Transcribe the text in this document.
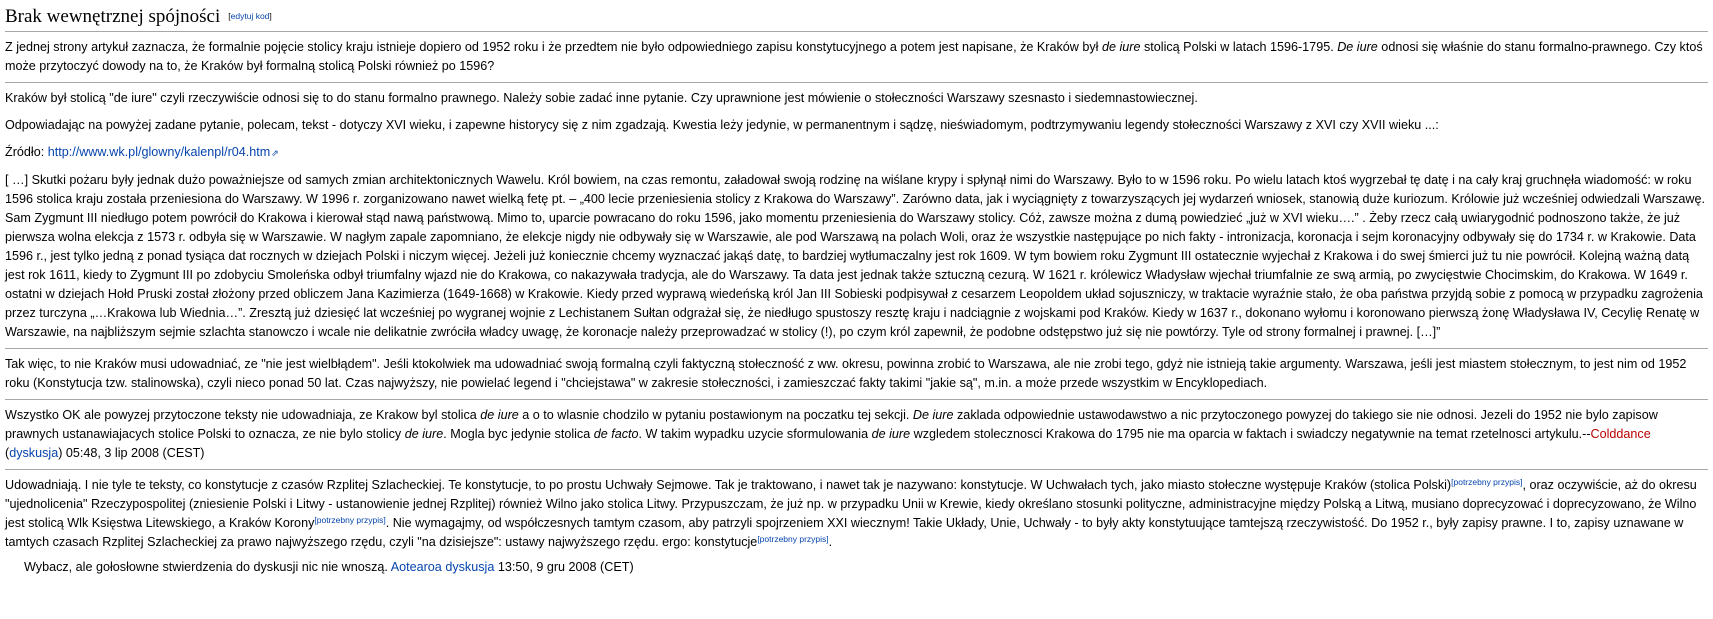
Brak wewnętrznej spójności [edytuj kod]

Z jednej strony artykuł zaznacza, że formalnie pojęcie stolicy kraju istnieje dopiero od 1952 roku i że przedtem nie było odpowiedniego zapisu konstytucyjnego a potem jest napisane, że Kraków był de iure stolicą Polski w latach 1596-1795. De iure odnosi się właśnie do stanu formalno-prawnego. Czy ktoś może przytoczyć dowody na to, że Kraków był formalną stolicą Polski również po 1596?

Kraków był stolicą "de iure" czyli rzeczywiście odnosi się to do stanu formalno prawnego. Należy sobie zadać inne pytanie. Czy uprawnione jest mówienie o stołeczności Warszawy szesnasto i siedemnastowiecznej.

Odpowiadając na powyżej zadane pytanie, polecam, tekst - dotyczy XVI wieku, i zapewne historycy się z nim zgadzają. Kwestia leży jedynie, w permanentnym i sądzę, nieświadomym, podtrzymywaniu legendy stołeczności Warszawy z XVI czy XVII wieku ...:

Źródło: http://www.wk.pl/glowny/kalenpl/r04.htm ⇗

[ …] Skutki pożaru były jednak dużo poważniejsze od samych zmian architektonicznych Wawelu. Król bowiem, na czas remontu, załadował swoją rodzinę na wiślane krypy i spłynął nimi do Warszawy. Było to w 1596 roku. Po wielu latach ktoś wygrzebał tę datę i na cały kraj gruchnęła wiadomość: w roku 1596 stolica kraju została przeniesiona do Warszawy. W 1996 r. zorganizowano nawet wielką fetę pt. – „400 lecie przeniesienia stolicy z Krakowa do Warszawy”. Zarówno data, jak i wyciągnięty z towarzyszących jej wydarzeń wniosek, stanowią duże kuriozum. Królowie już wcześniej odwiedzali Warszawę. Sam Zygmunt III niedługo potem powrócił do Krakowa i kierował stąd nawą państwową. Mimo to, uparcie powracano do roku 1596, jako momentu przeniesienia do Warszawy stolicy. Cóż, zawsze można z dumą powiedzieć „już w XVI wieku….” . Żeby rzecz całą uwiarygodnić podnoszono także, że już pierwsza wolna elekcja z 1573 r. odbyła się w Warszawie. W nagłym zapale zapomniano, że elekcje nigdy nie odbywały się w Warszawie, ale pod Warszawą na polach Woli, oraz że wszystkie następujące po nich fakty - intronizacja, koronacja i sejm koronacyjny odbywały się do 1734 r. w Krakowie. Data 1596 r., jest tylko jedną z ponad tysiąca dat rocznych w dziejach Polski i niczym więcej. Jeżeli już koniecznie chcemy wyznaczać jakąś datę, to bardziej wytłumaczalny jest rok 1609. W tym bowiem roku Zygmunt III ostatecznie wyjechał z Krakowa i do swej śmierci już tu nie powrócił. Kolejną ważną datą jest rok 1611, kiedy to Zygmunt III po zdobyciu Smoleńska odbył triumfalny wjazd nie do Krakowa, co nakazywała tradycja, ale do Warszawy. Ta data jest jednak także sztuczną cezurą. W 1621 r. królewicz Władysław wjechał triumfalnie ze swą armią, po zwycięstwie Chocimskim, do Krakowa. W 1649 r. ostatni w dziejach Hołd Pruski został złożony przed obliczem Jana Kazimierza (1649-1668) w Krakowie. Kiedy przed wyprawą wiedeńską król Jan III Sobieski podpisywał z cesarzem Leopoldem układ sojuszniczy, w traktacie wyraźnie stało, że oba państwa przyjdą sobie z pomocą w przypadku zagrożenia przez turczyna „…Krakowa lub Wiednia…”. Zresztą już dziesięć lat wcześniej po wygranej wojnie z Lechistanem Sułtan odgrażał się, że niedługo spustoszy resztę kraju i nadciągnie z wojskami pod Kraków. Kiedy w 1637 r., dokonano wyłomu i koronowano pierwszą żonę Władysława IV, Cecylię Renatę w Warszawie, na najbliższym sejmie szlachta stanowczo i wcale nie delikatnie zwróciła władcy uwagę, że koronacje należy przeprowadzać w stolicy (!), po czym król zapewnił, że podobne odstępstwo już się nie powtórzy. Tyle od strony formalnej i prawnej. […]”

Tak więc, to nie Kraków musi udowadniać, ze "nie jest wielbłądem". Jeśli ktokolwiek ma udowadniać swoją formalną czyli faktyczną stołeczność z ww. okresu, powinna zrobić to Warszawa, ale nie zrobi tego, gdyż nie istnieją takie argumenty. Warszawa, jeśli jest miastem stołecznym, to jest nim od 1952 roku (Konstytucja tzw. stalinowska), czyli nieco ponad 50 lat. Czas najwyższy, nie powielać legend i "chciejstawa" w zakresie stołeczności, i zamieszczać fakty takimi "jakie są", m.in. a może przede wszystkim w Encyklopediach.

Wszystko OK ale powyzej przytoczone teksty nie udowadniaja, ze Krakow byl stolica de iure a o to wlasnie chodzilo w pytaniu postawionym na poczatku tej sekcji. De iure zaklada odpowiednie ustawodawstwo a nic przytoczonego powyzej do takiego sie nie odnosi. Jezeli do 1952 nie bylo zapisow prawnych ustanawiajacych stolice Polski to oznacza, ze nie bylo stolicy de iure. Mogla byc jedynie stolica de facto. W takim wypadku uzycie sformulowania de iure wzgledem stolecznosci Krakowa do 1795 nie ma oparcia w faktach i swiadczy negatywnie na temat rzetelnosci artykulu.--Colddance (dyskusja) 05:48, 3 lip 2008 (CEST)

Udowadniają. I nie tyle te teksty, co konstytucje z czasów Rzplitej Szlacheckiej. Te konstytucje, to po prostu Uchwały Sejmowe. Tak je traktowano, i nawet tak je nazywano: konstytucje. W Uchwałach tych, jako miasto stołeczne występuje Kraków (stolica Polski)[potrzebny przypis], oraz oczywiście, aż do okresu "ujednolicenia" Rzeczypospolitej (zniesienie Polski i Litwy - ustanowienie jednej Rzplitej) również Wilno jako stolica Litwy. Przypuszczam, że już np. w przypadku Unii w Krewie, kiedy określano stosunki polityczne, administracyjne między Polską a Litwą, musiano doprecyzować i doprecyzowano, że Wilno jest stolicą Wlk Księstwa Litewskiego, a Kraków Korony[potrzebny przypis]. Nie wymagajmy, od współczesnych tamtym czasom, aby patrzyli spojrzeniem XXI wiecznym! Takie Układy, Unie, Uchwały - to były akty konstytuujące tamtejszą rzeczywistość. Do 1952 r., były zapisy prawne. I to, zapisy uznawane w tamtych czasach Rzplitej Szlacheckiej za prawo najwyższego rzędu, czyli "na dzisiejsze": ustawy najwyższego rzędu. ergo: konstytucje[potrzebny przypis].

Wybacz, ale gołosłowne stwierdzenia do dyskusji nic nie wnoszą. Aotearoa dyskusja 13:50, 9 gru 2008 (CET)
